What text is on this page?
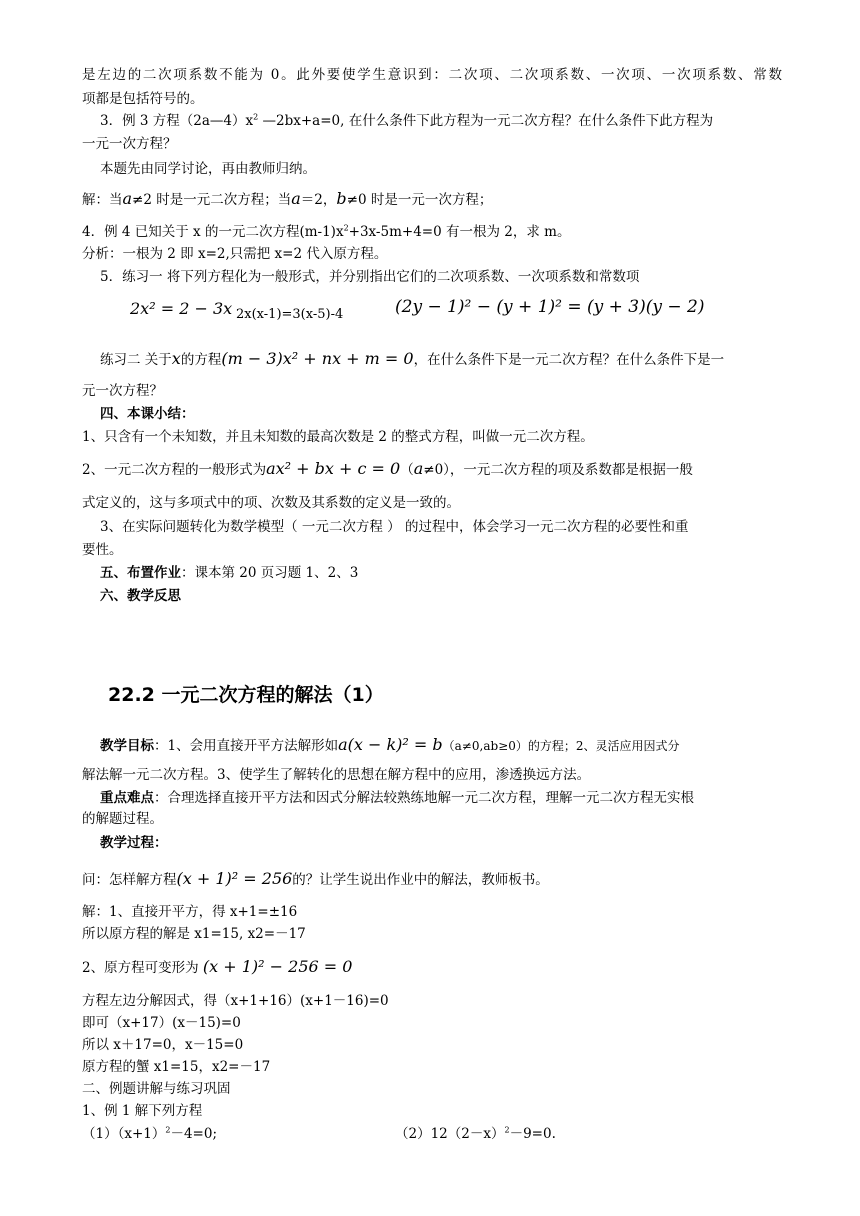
是左边的二次项系数不能为 0。此外要使学生意识到：二次项、二次项系数、一次项、一次项系数、常数
项都是包括符号的。
3．例 3 方程$(2a—4)x^2$ —2bx+a=0, 在什么条件下此方程为一元二次方程？在什么条件下此方程为
一元一次方程？
本题先由同学讨论，再由教师归纳。
解：当a≠2 时是一元二次方程；当a＝2，b≠0 时是一元一次方程；
4．例 4 已知关于 x 的一元二次方程$(m-1)x^2+3x-5m+4=0$ 有一根为 2，求 m。
分析：一根为 2 即 x=2,只需把 x=2 代入原方程。
5．练习一 将下列方程化为一般形式，并分别指出它们的二次项系数、一次项系数和常数项
2x² = 2 − 3x 2x(x-1)=3(x-5)-4	(2y − 1)² − (y + 1)² = (y + 3)(y − 2)
练习二 关于x的方程(m − 3)x² + nx + m = 0，在什么条件下是一元二次方程？在什么条件下是一
元一次方程？
四、本课小结：
1、只含有一个未知数，并且未知数的最高次数是 2 的整式方程，叫做一元二次方程。
2、一元二次方程的一般形式为ax² + bx + c = 0（a≠0），一元二次方程的项及系数都是根据一般
式定义的，这与多项式中的项、次数及其系数的定义是一致的。
3、在实际问题转化为数学模型（ 一元二次方程 ） 的过程中，体会学习一元二次方程的必要性和重
要性。
五、布置作业：课本第 20 页习题 1、2、3
六、教学反思
22.2 一元二次方程的解法（1）
教学目标：1、会用直接开平方法解形如a(x − k)² = b（a≠0,ab≥0）的方程；2、灵活应用因式分
解法解一元二次方程。3、使学生了解转化的思想在解方程中的应用，渗透换远方法。
重点难点：合理选择直接开平方法和因式分解法较熟练地解一元二次方程，理解一元二次方程无实根
的解题过程。
教学过程：
问：怎样解方程(x + 1)² = 256的？让学生说出作业中的解法，教师板书。
解：1、直接开平方，得 x+1=±16
所以原方程的解是 x1=15, x2=－17
2、原方程可变形为 (x + 1)² − 256 = 0
方程左边分解因式，得（x+1+16）(x+1－16)=0
即可（x+17）(x－15)=0
所以 x＋17=0，x－15=0
原方程的蟹 x1=15，x2=－17
二、例题讲解与练习巩固
1、例 1 解下列方程
$(1)(x+1)^2-4=0$;	$(2)12(2-x)^2-9=0$.
